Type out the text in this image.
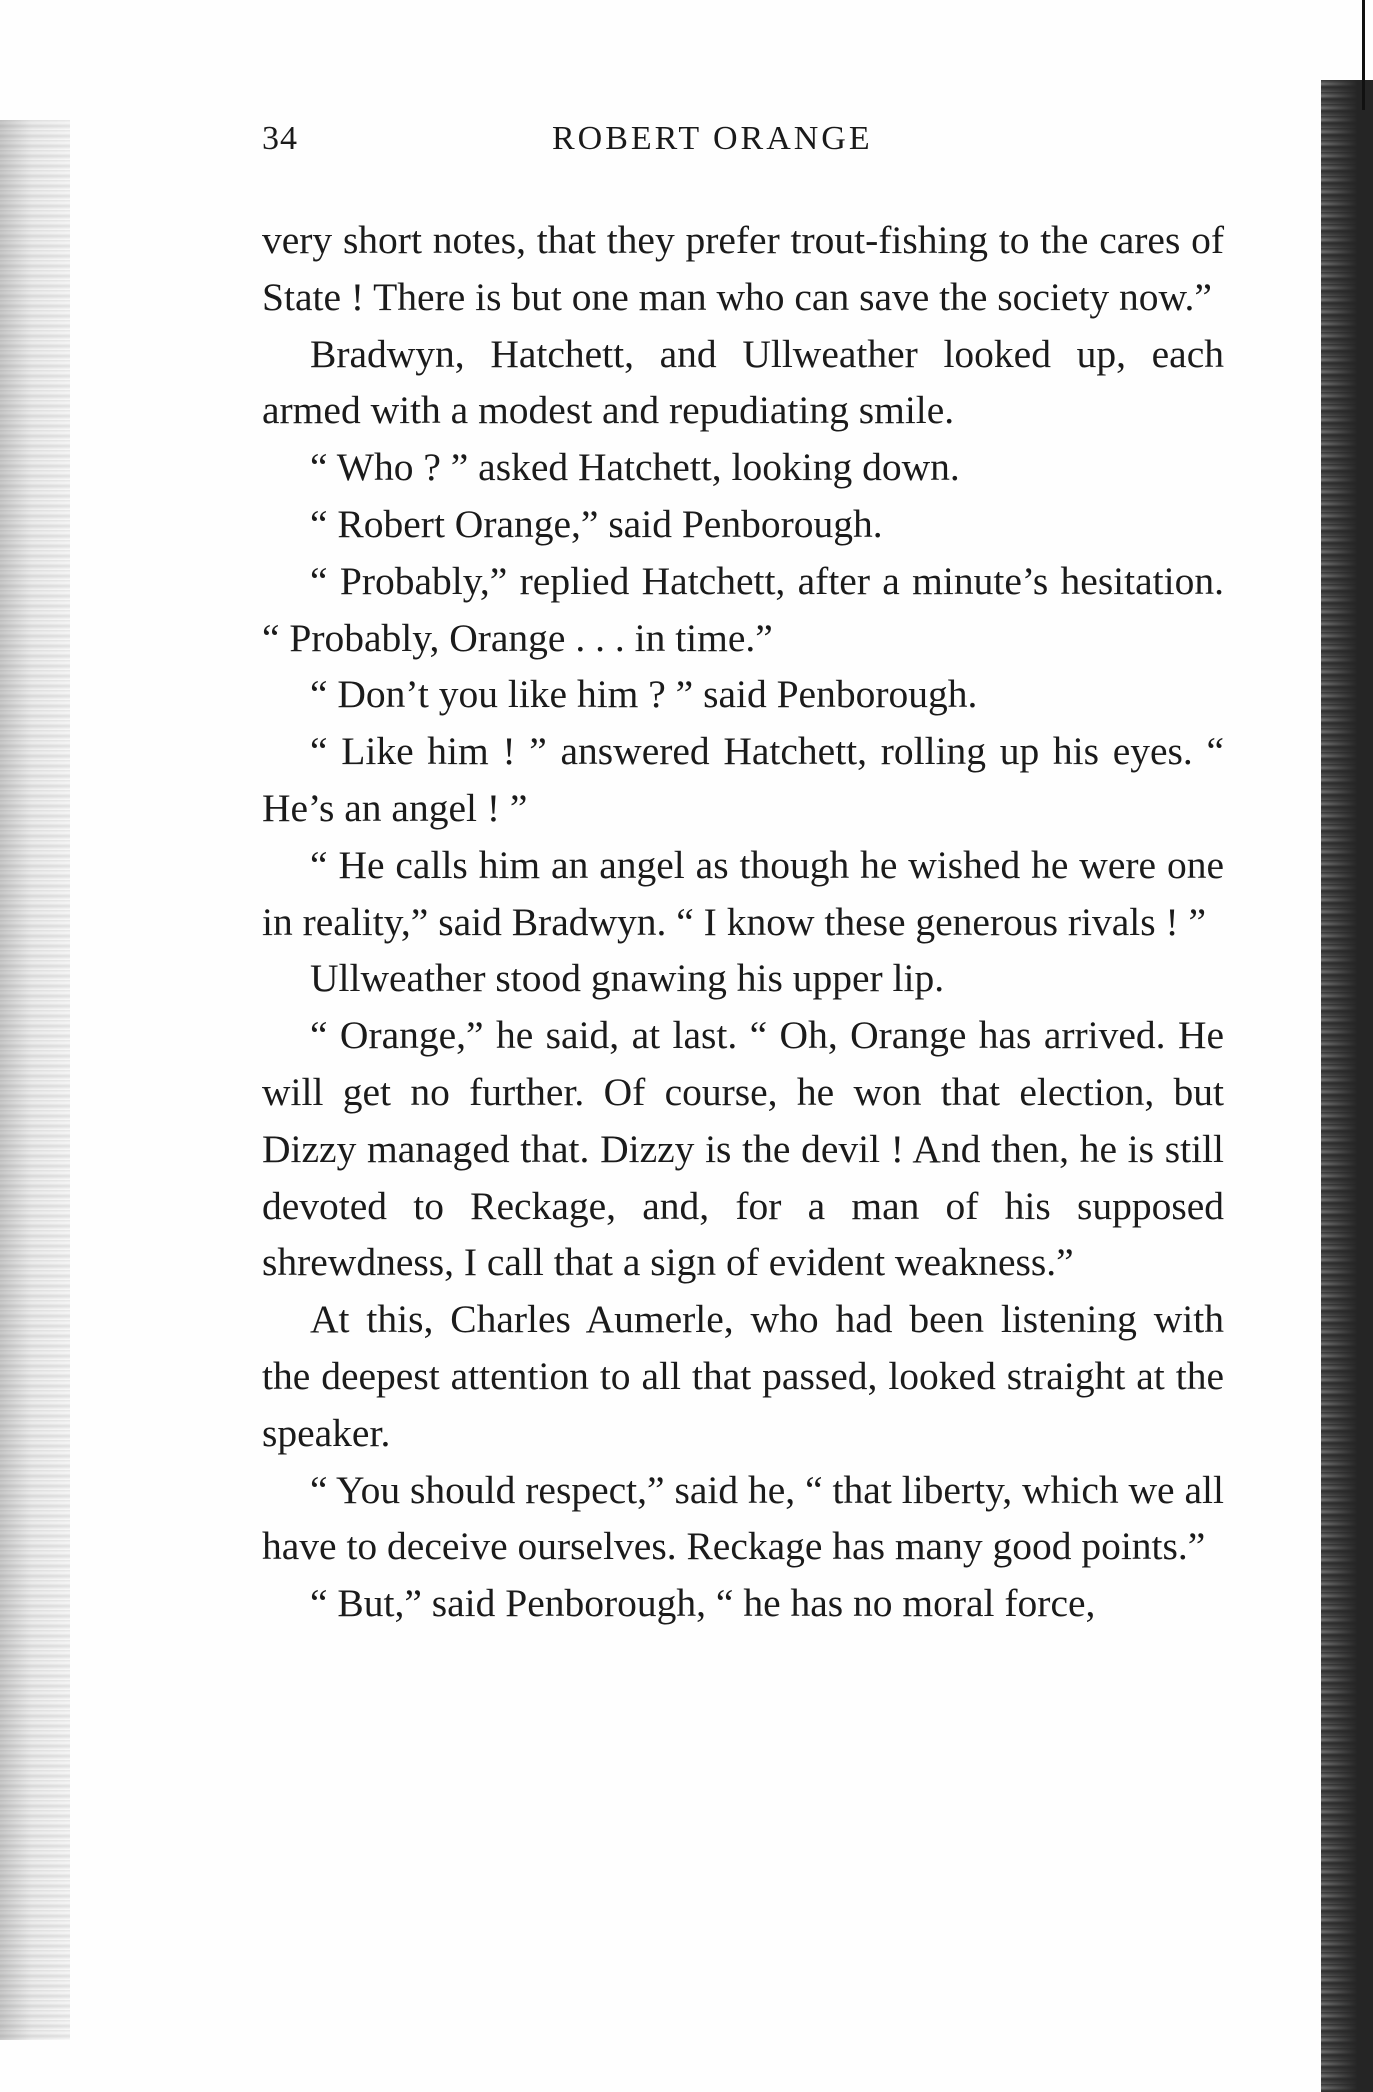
34	ROBERT ORANGE

very short notes, that they prefer trout-fishing to the cares of State ! There is but one man who can save the society now.”

Bradwyn, Hatchett, and Ullweather looked up, each armed with a modest and repudiating smile.

“ Who ? ” asked Hatchett, looking down.

“ Robert Orange,” said Penborough.

“ Probably,” replied Hatchett, after a minute’s hesitation. “ Probably, Orange . . . in time.”

“ Don’t you like him ? ” said Penborough.

“ Like him ! ” answered Hatchett, rolling up his eyes. “ He’s an angel ! ”

“ He calls him an angel as though he wished he were one in reality,” said Bradwyn. “ I know these generous rivals ! ”

Ullweather stood gnawing his upper lip.

“ Orange,” he said, at last. “ Oh, Orange has arrived. He will get no further. Of course, he won that election, but Dizzy managed that. Dizzy is the devil ! And then, he is still devoted to Reckage, and, for a man of his supposed shrewdness, I call that a sign of evident weakness.”

At this, Charles Aumerle, who had been listening with the deepest attention to all that passed, looked straight at the speaker.

“ You should respect,” said he, “ that liberty, which we all have to deceive ourselves. Reckage has many good points.”

“ But,” said Penborough, “ he has no moral force,
